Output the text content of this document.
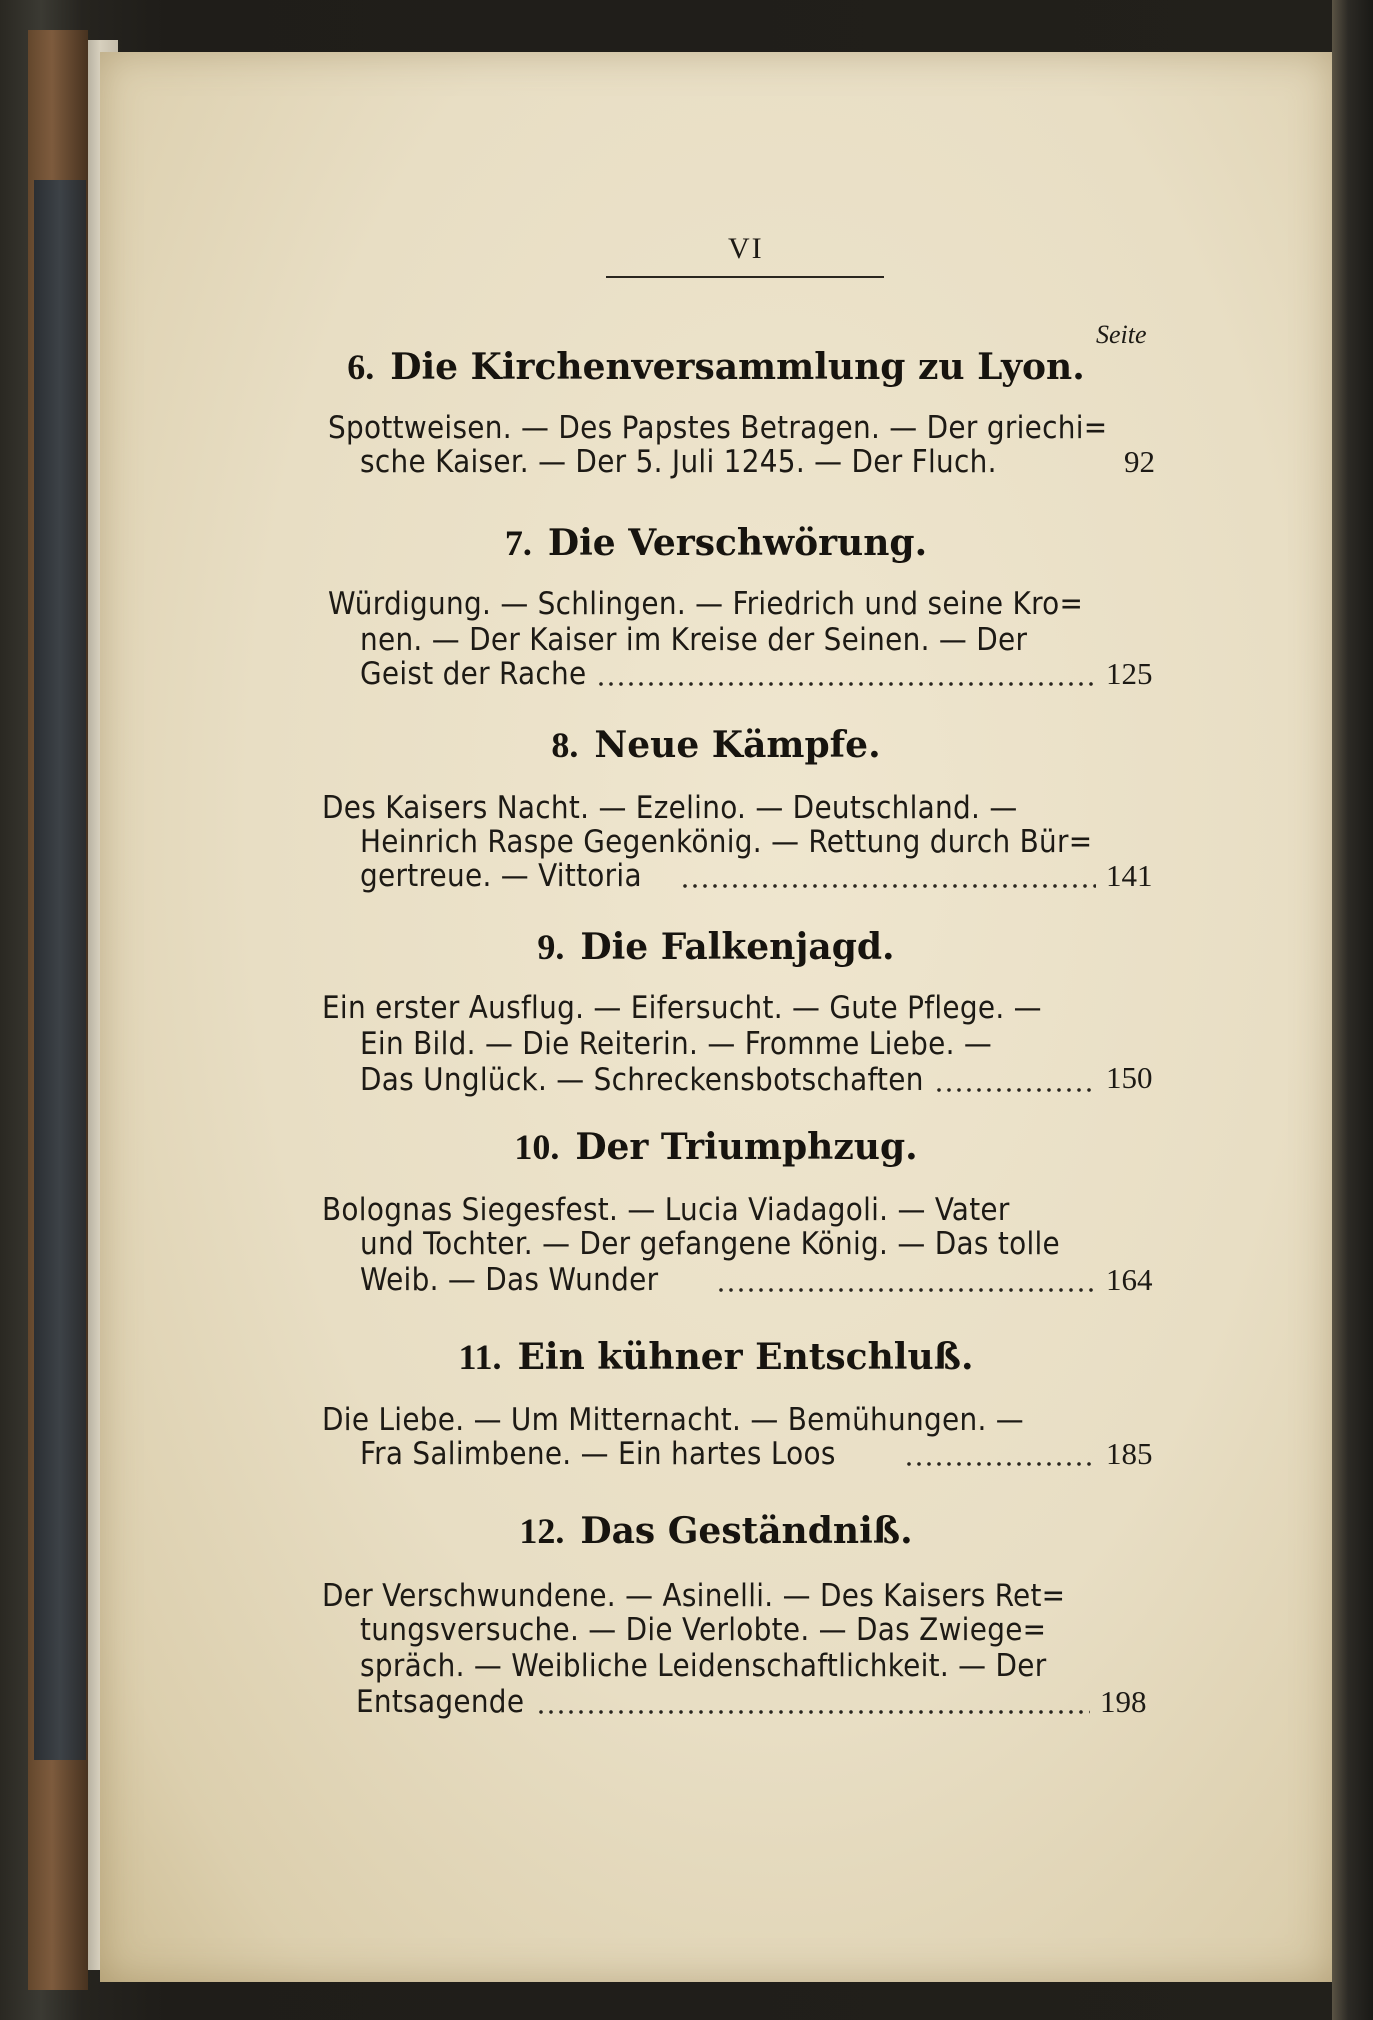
VI
Seite
6. Die Kirchenversammlung zu Lyon.
Spottweisen. — Des Papstes Betragen. — Der griechi=
sche Kaiser. — Der 5. Juli 1245. — Der Fluch.	92
7. Die Verschwörung.
Würdigung. — Schlingen. — Friedrich und seine Kro=
nen. — Der Kaiser im Kreise der Seinen. — Der
Geist der Rache	125
8. Neue Kämpfe.
Des Kaisers Nacht. — Ezelino. — Deutschland. —
Heinrich Raspe Gegenkönig. — Rettung durch Bür=
gertreue. — Vittoria	141
9. Die Falkenjagd.
Ein erster Ausflug. — Eifersucht. — Gute Pflege. —
Ein Bild. — Die Reiterin. — Fromme Liebe. —
Das Unglück. — Schreckensbotschaften	150
10. Der Triumphzug.
Bolognas Siegesfest. — Lucia Viadagoli. — Vater
und Tochter. — Der gefangene König. — Das tolle
Weib. — Das Wunder	164
11. Ein kühner Entschluß.
Die Liebe. — Um Mitternacht. — Bemühungen. —
Fra Salimbene. — Ein hartes Loos	185
12. Das Geständniß.
Der Verschwundene. — Asinelli. — Des Kaisers Ret=
tungsversuche. — Die Verlobte. — Das Zwiege=
spräch. — Weibliche Leidenschaftlichkeit. — Der
Entsagende	198
